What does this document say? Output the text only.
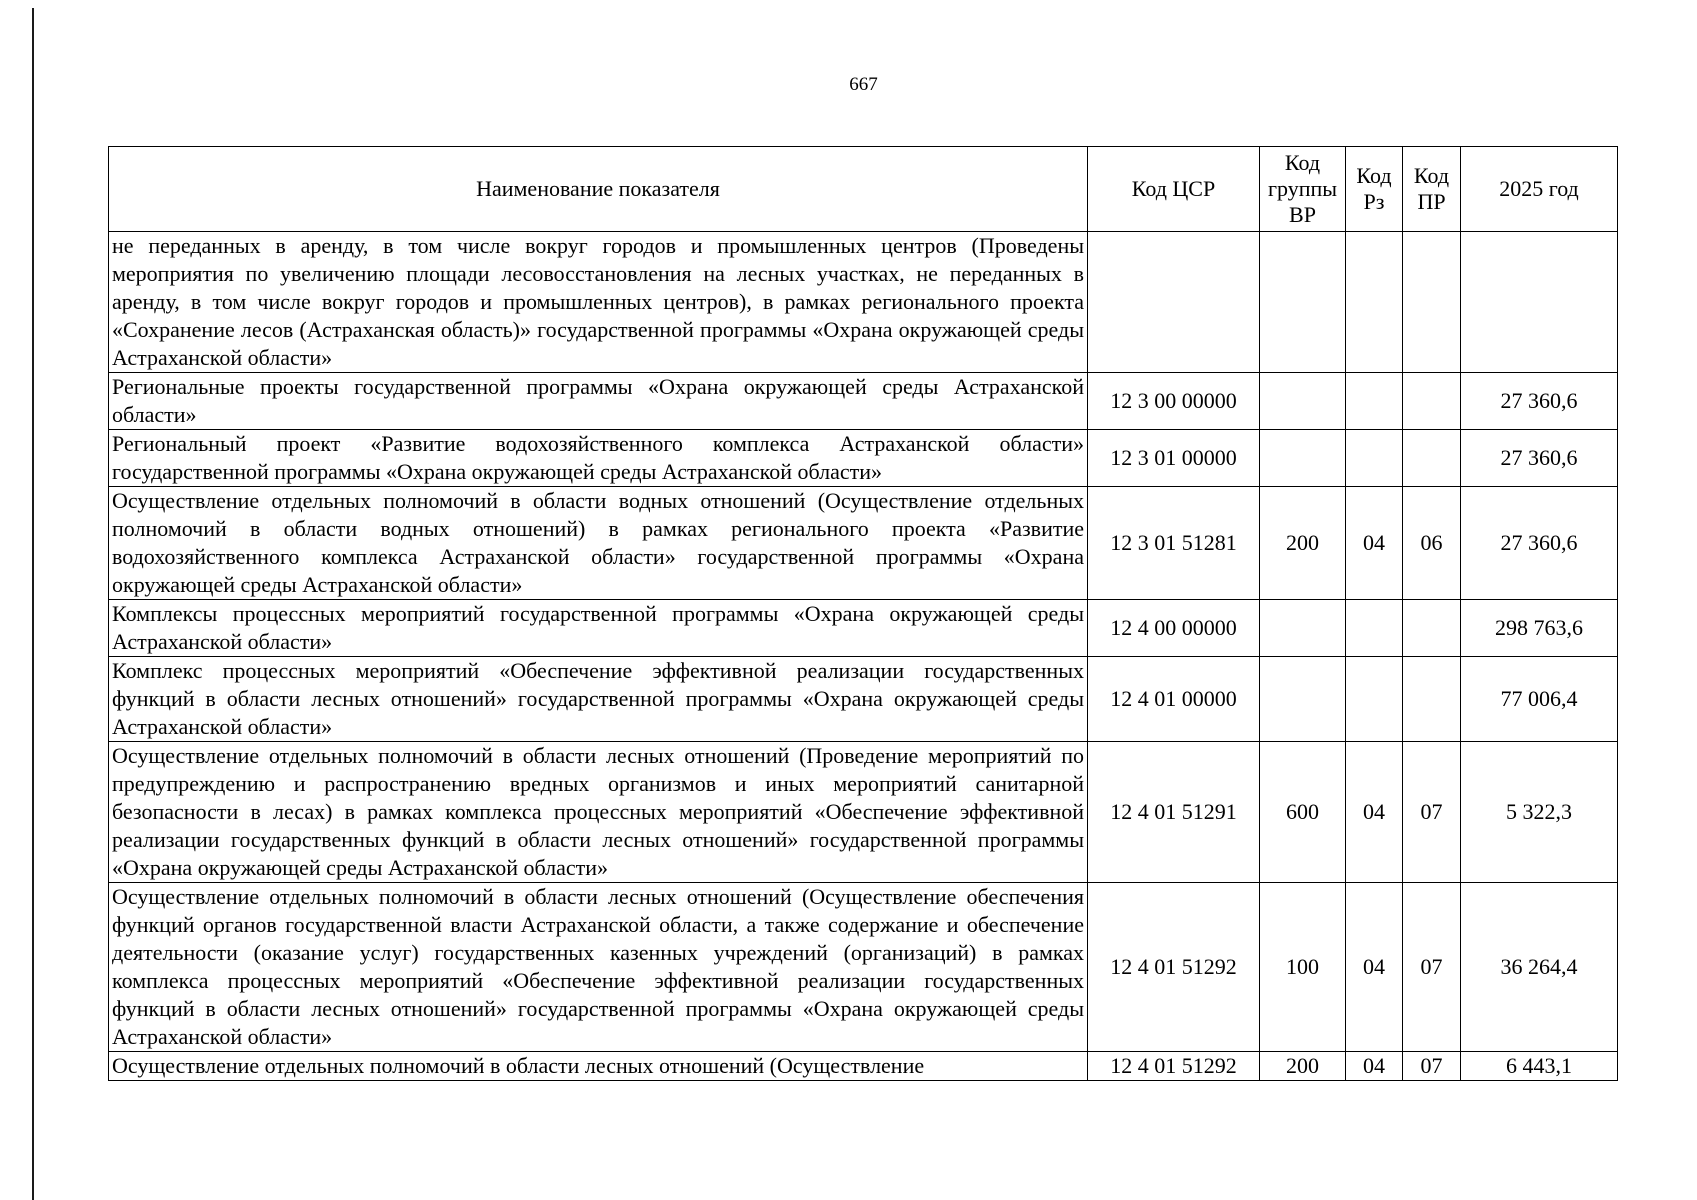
667
Наименование показателя	Код ЦСР	Код группы ВР	Код Рз	Код ПР	2025 год
не переданных в аренду, в том числе вокруг городов и промышленных центров (Проведены мероприятия по увеличению площади лесовосстановления на лесных участках, не переданных в аренду, в том числе вокруг городов и промышленных центров), в рамках регионального проекта «Сохранение лесов (Астраханская область)» государственной программы «Охрана окружающей среды Астраханской области»					
Региональные проекты государственной программы «Охрана окружающей среды Астраханской области»	12 3 00 00000				27 360,6
Региональный проект «Развитие водохозяйственного комплекса Астраханской области» государственной программы «Охрана окружающей среды Астраханской области»	12 3 01 00000				27 360,6
Осуществление отдельных полномочий в области водных отношений (Осуществление отдельных полномочий в области водных отношений) в рамках регионального проекта «Развитие водохозяйственного комплекса Астраханской области» государственной программы «Охрана окружающей среды Астраханской области»	12 3 01 51281	200	04	06	27 360,6
Комплексы процессных мероприятий государственной программы «Охрана окружающей среды Астраханской области»	12 4 00 00000				298 763,6
Комплекс процессных мероприятий «Обеспечение эффективной реализации государственных функций в области лесных отношений» государственной программы «Охрана окружающей среды Астраханской области»	12 4 01 00000				77 006,4
Осуществление отдельных полномочий в области лесных отношений (Проведение мероприятий по предупреждению и распространению вредных организмов и иных мероприятий санитарной безопасности в лесах) в рамках комплекса процессных мероприятий «Обеспечение эффективной реализации государственных функций в области лесных отношений» государственной программы «Охрана окружающей среды Астраханской области»	12 4 01 51291	600	04	07	5 322,3
Осуществление отдельных полномочий в области лесных отношений (Осуществление обеспечения функций органов государственной власти Астраханской области, а также содержание и обеспечение деятельности (оказание услуг) государственных казенных учреждений (организаций) в рамках комплекса процессных мероприятий «Обеспечение эффективной реализации государственных функций в области лесных отношений» государственной программы «Охрана окружающей среды Астраханской области»	12 4 01 51292	100	04	07	36 264,4
Осуществление отдельных полномочий в области лесных отношений (Осуществление	12 4 01 51292	200	04	07	6 443,1
